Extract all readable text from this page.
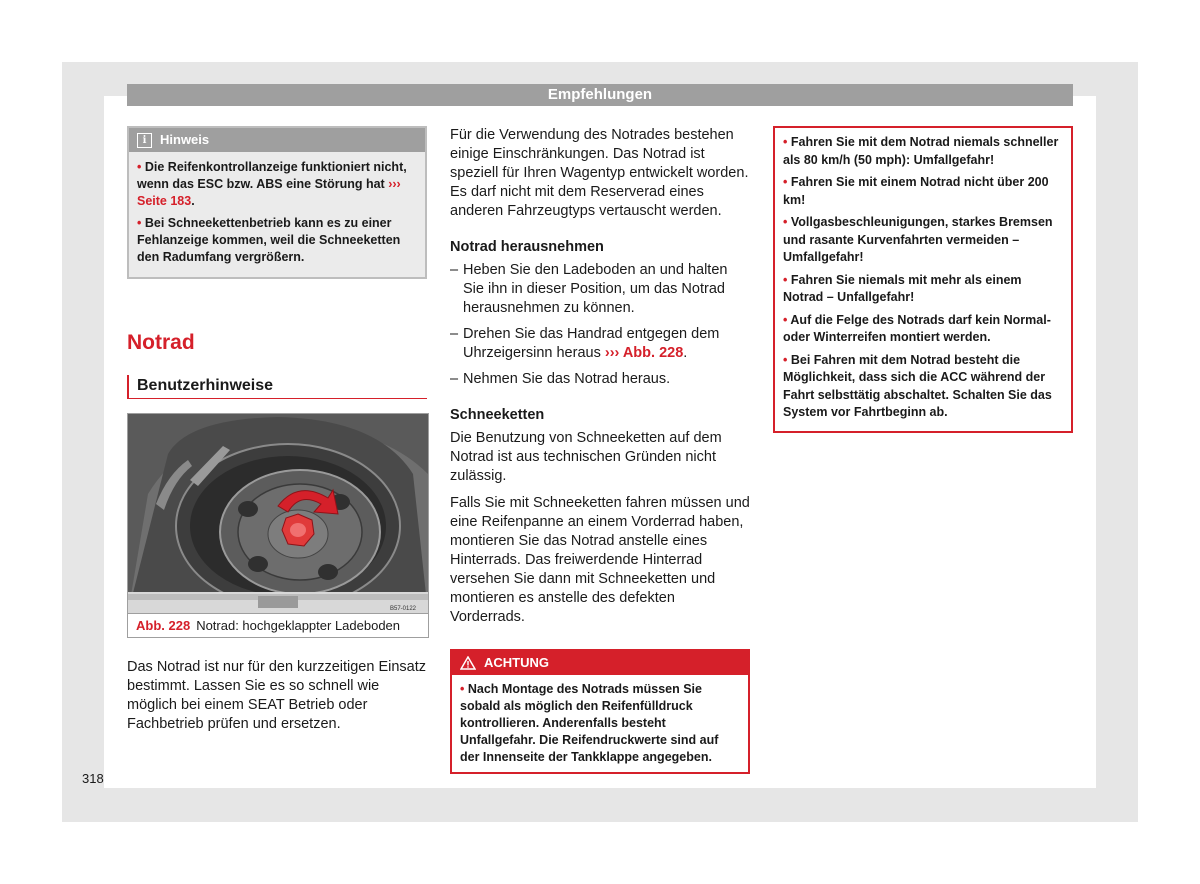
Empfehlungen
i	Hinweis

• Die Reifenkontrollanzeige funktioniert nicht, wenn das ESC bzw. ABS eine Störung hat ››› Seite 183.

• Bei Schneekettenbetrieb kann es zu einer Fehlanzeige kommen, weil die Schneeketten den Radumfang vergrößern.

Notrad
Benutzerhinweise
B57-0122
Abb. 228 Notrad: hochgeklappter Ladeboden

Das Notrad ist nur für den kurzzeitigen Einsatz bestimmt. Lassen Sie es so schnell wie möglich bei einem SEAT Betrieb oder Fachbetrieb prüfen und ersetzen.

Für die Verwendung des Notrades bestehen einige Einschränkungen. Das Notrad ist speziell für Ihren Wagentyp entwickelt worden. Es darf nicht mit dem Reserverad eines anderen Fahrzeugtyps vertauscht werden.

Notrad herausnehmen
– Heben Sie den Ladeboden an und halten Sie ihn in dieser Position, um das Notrad herausnehmen zu können.
– Drehen Sie das Handrad entgegen dem Uhrzeigersinn heraus ››› Abb. 228.
– Nehmen Sie das Notrad heraus.
Schneeketten

Die Benutzung von Schneeketten auf dem Notrad ist aus technischen Gründen nicht zulässig.

Falls Sie mit Schneeketten fahren müssen und eine Reifenpanne an einem Vorderrad haben, montieren Sie das Notrad anstelle eines Hinterrads. Das freiwerdende Hinterrad versehen Sie dann mit Schneeketten und montieren es anstelle des defekten Vorderrads.

ACHTUNG
• Nach Montage des Notrads müssen Sie sobald als möglich den Reifenfülldruck kontrollieren. Anderenfalls besteht Unfallgefahr. Die Reifendruckwerte sind auf der Innenseite der Tankklappe angegeben.

• Fahren Sie mit dem Notrad niemals schneller als 80 km/h (50 mph): Umfallgefahr!

• Fahren Sie mit einem Notrad nicht über 200 km!

• Vollgasbeschleunigungen, starkes Bremsen und rasante Kurvenfahrten vermeiden – Umfallgefahr!

• Fahren Sie niemals mit mehr als einem Notrad – Unfallgefahr!

• Auf die Felge des Notrads darf kein Normal- oder Winterreifen montiert werden.

• Bei Fahren mit dem Notrad besteht die Möglichkeit, dass sich die ACC während der Fahrt selbsttätig abschaltet. Schalten Sie das System vor Fahrtbeginn ab.

318
